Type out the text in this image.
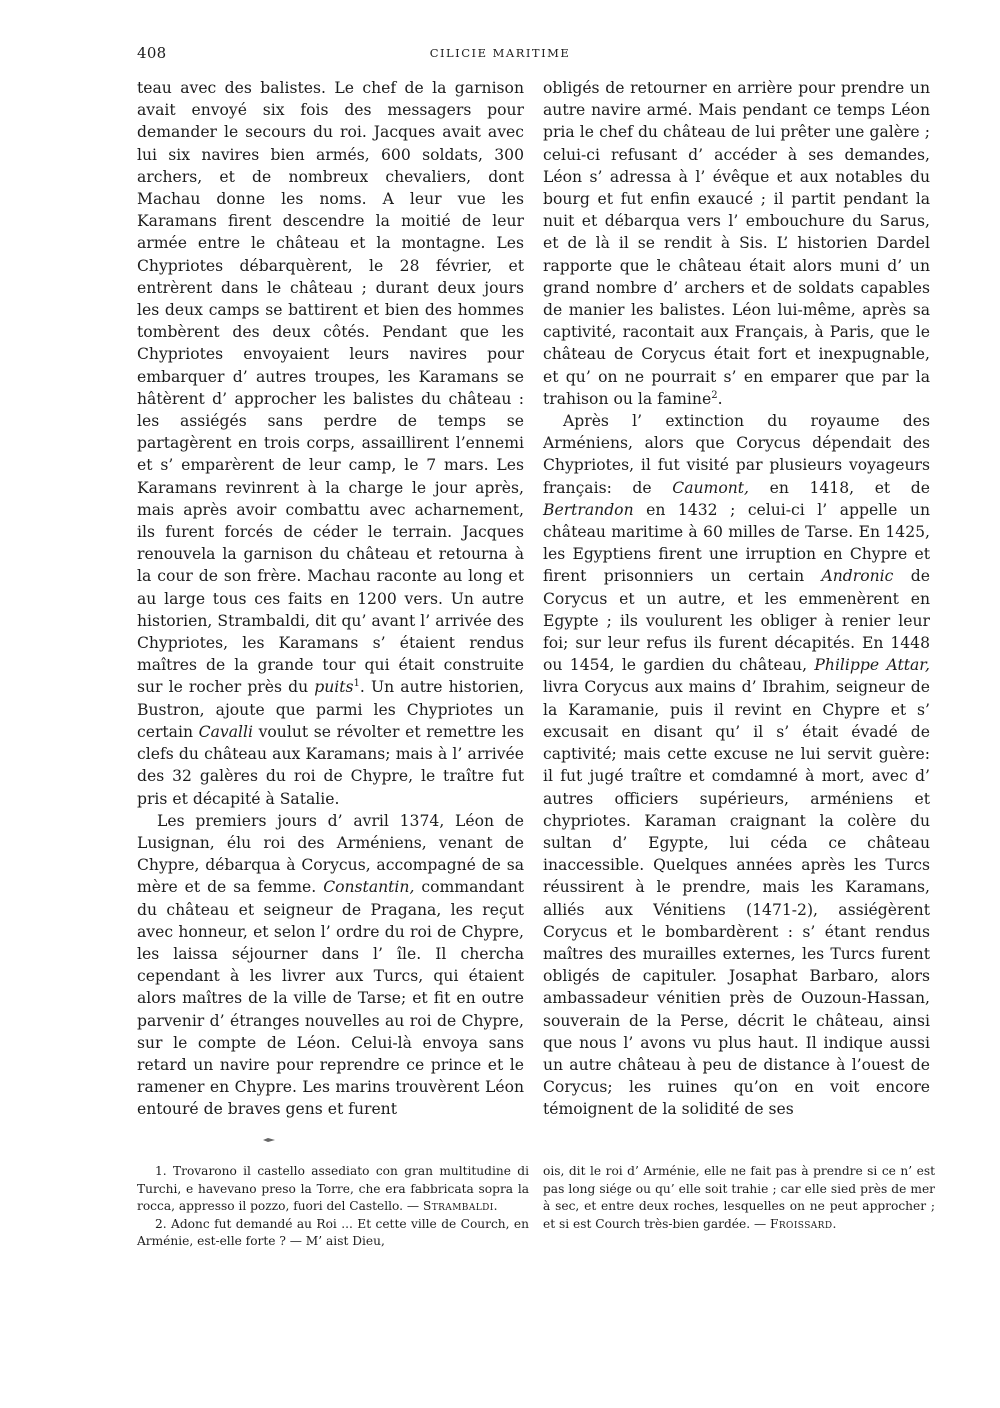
408	CILICIE MARITIME

teau avec des balistes. Le chef de la garnison avait envoyé six fois des messagers pour demander le secours du roi. Jacques avait avec lui six navires bien armés, 600 soldats, 300 archers, et de nombreux chevaliers, dont Machau donne les noms. A leur vue les Karamans firent descendre la moitié de leur armée entre le château et la montagne. Les Chypriotes débarquèrent, le 28 février, et entrèrent dans le château ; durant deux jours les deux camps se battirent et bien des hommes tombèrent des deux côtés. Pendant que les Chypriotes envoyaient leurs navires pour embarquer d’ autres troupes, les Karamans se hâtèrent d’ approcher les balistes du château : les assiégés sans perdre de temps se partagèrent en trois corps, assaillirent l’ennemi et s’ emparèrent de leur camp, le 7 mars. Les Karamans revinrent à la charge le jour après, mais après avoir combattu avec acharnement, ils furent forcés de céder le terrain. Jacques renouvela la garnison du château et retourna à la cour de son frère. Machau raconte au long et au large tous ces faits en 1200 vers. Un autre historien, Strambaldi, dit qu’ avant l’ arrivée des Chypriotes, les Karamans s’ étaient rendus maîtres de la grande tour qui était construite sur le rocher près du puits$^1$. Un autre historien, Bustron, ajoute que parmi les Chypriotes un certain Cavalli voulut se révolter et remettre les clefs du château aux Karamans; mais à l’ arrivée des 32 galères du roi de Chypre, le traître fut pris et décapité à Satalie.

Les premiers jours d’ avril 1374, Léon de Lusignan, élu roi des Arméniens, venant de Chypre, débarqua à Corycus, accompagné de sa mère et de sa femme. Constantin, commandant du château et seigneur de Pragana, les reçut avec honneur, et selon l’ ordre du roi de Chypre, les laissa séjourner dans l’ île. Il chercha cependant à les livrer aux Turcs, qui étaient alors maîtres de la ville de Tarse; et fit en outre parvenir d’ étranges nouvelles au roi de Chypre, sur le compte de Léon. Celui-là envoya sans retard un navire pour reprendre ce prince et le ramener en Chypre. Les marins trouvèrent Léon entouré de braves gens et furent

obligés de retourner en arrière pour prendre un autre navire armé. Mais pendant ce temps Léon pria le chef du château de lui prêter une galère ; celui-ci refusant d’ accéder à ses demandes, Léon s’ adressa à l’ évêque et aux notables du bourg et fut enfin exaucé ; il partit pendant la nuit et débarqua vers l’ embouchure du Sarus, et de là il se rendit à Sis. L’ historien Dardel rapporte que le château était alors muni d’ un grand nombre d’ archers et de soldats capables de manier les balistes. Léon lui-même, après sa captivité, racontait aux Français, à Paris, que le château de Corycus était fort et inexpugnable, et qu’ on ne pourrait s’ en emparer que par la trahison ou la famine$^2$.

Après l’ extinction du royaume des Arméniens, alors que Corycus dépendait des Chypriotes, il fut visité par plusieurs voyageurs français: de Caumont, en 1418, et de Bertrandon en 1432 ; celui-ci l’ appelle un château maritime à 60 milles de Tarse. En 1425, les Egyptiens firent une irruption en Chypre et firent prisonniers un certain Andronic de Corycus et un autre, et les emmenèrent en Egypte ; ils voulurent les obliger à renier leur foi; sur leur refus ils furent décapités. En 1448 ou 1454, le gardien du château, Philippe Attar, livra Corycus aux mains d’ Ibrahim, seigneur de la Karamanie, puis il revint en Chypre et s’ excusait en disant qu’ il s’ était évadé de captivité; mais cette excuse ne lui servit guère: il fut jugé traître et comdamné à mort, avec d’ autres officiers supérieurs, arméniens et chypriotes. Karaman craignant la colère du sultan d’ Egypte, lui céda ce château inaccessible. Quelques années après les Turcs réussirent à le prendre, mais les Karamans, alliés aux Vénitiens (1471-2), assiégèrent Corycus et le bombardèrent : s’ étant rendus maîtres des murailles externes, les Turcs furent obligés de capituler. Josaphat Barbaro, alors ambassadeur vénitien près de Ouzoun-Hassan, souverain de la Perse, décrit le château, ainsi que nous l’ avons vu plus haut. Il indique aussi un autre château à peu de distance à l’ouest de Corycus; les ruines qu’on en voit encore témoignent de la solidité de ses

1. Trovarono il castello assediato con gran multitudine di Turchi, e havevano preso la Torre, che era fabbricata sopra la rocca, appresso il pozzo, fuori del Castello. — Strambaldi.

2. Adonc fut demandé au Roi ... Et cette ville de Courch, en Arménie, est-elle forte ? — M’ aist Dieu,

ois, dit le roi d’ Arménie, elle ne fait pas à prendre si ce n’ est pas long siége ou qu’ elle soit trahie ; car elle sied près de mer à sec, et entre deux roches, lesquelles on ne peut approcher ; et si est Courch très-bien gardée. — Froissard.
